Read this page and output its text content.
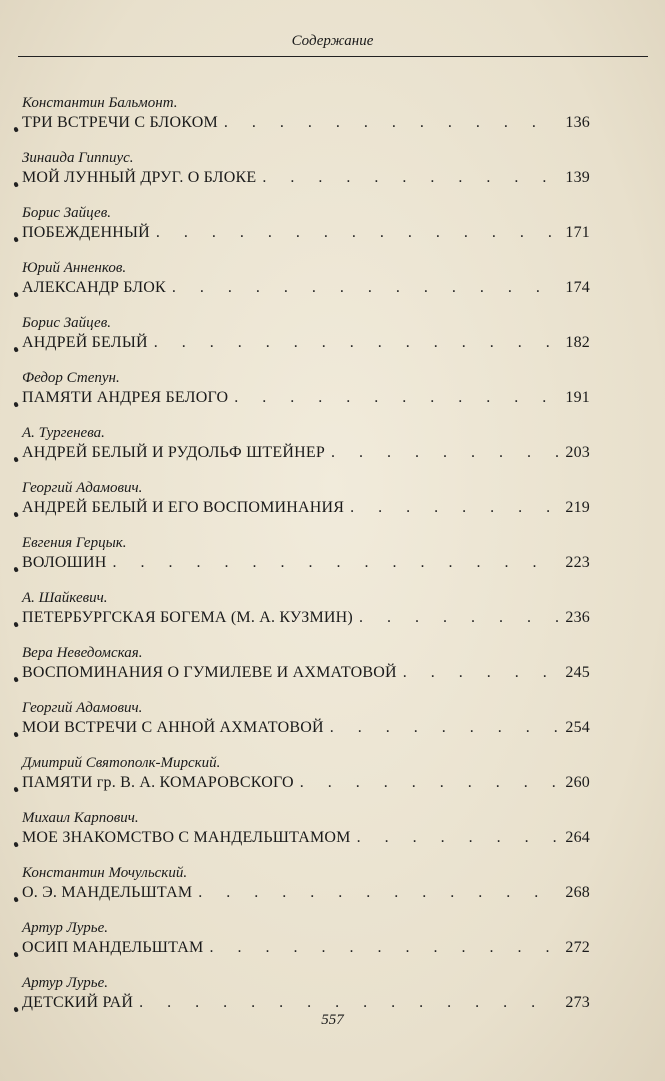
Содержание
Константин Бальмонт.
ТРИ ВСТРЕЧИ С БЛОКОМ . . .	136
Зинаида Гиппиус.
МОЙ ЛУННЫЙ ДРУГ. О БЛОКЕ . . .	139
Борис Зайцев.
ПОБЕЖДЕННЫЙ . . .	171
Юрий Анненков.
АЛЕКСАНДР БЛОК . . .	174
Борис Зайцев.
АНДРЕЙ БЕЛЫЙ . . .	182
Федор Степун.
ПАМЯТИ АНДРЕЯ БЕЛОГО . . .	191
А. Тургенева.
АНДРЕЙ БЕЛЫЙ И РУДОЛЬФ ШТЕЙНЕР . . .	203
Георгий Адамович.
АНДРЕЙ БЕЛЫЙ И ЕГО ВОСПОМИНАНИЯ . . .	219
Евгения Герцык.
ВОЛОШИН . . .	223
А. Шайкевич.
ПЕТЕРБУРГСКАЯ БОГЕМА (М. А. КУЗМИН) . . .	236
Вера Неведомская.
ВОСПОМИНАНИЯ О ГУМИЛЕВЕ И АХМАТОВОЙ . . .	245
Георгий Адамович.
МОИ ВСТРЕЧИ С АННОЙ АХМАТОВОЙ . . .	254
Дмитрий Святополк-Мирский.
ПАМЯТИ гр. В. А. КОМАРОВСКОГО . . .	260
Михаил Карпович.
МОЕ ЗНАКОМСТВО С МАНДЕЛЬШТАМОМ . . .	264
Константин Мочульский.
О. Э. МАНДЕЛЬШТАМ . . .	268
Артур Лурье.
ОСИП МАНДЕЛЬШТАМ . . .	272
Артур Лурье.
ДЕТСКИЙ РАЙ . . .	273
557
